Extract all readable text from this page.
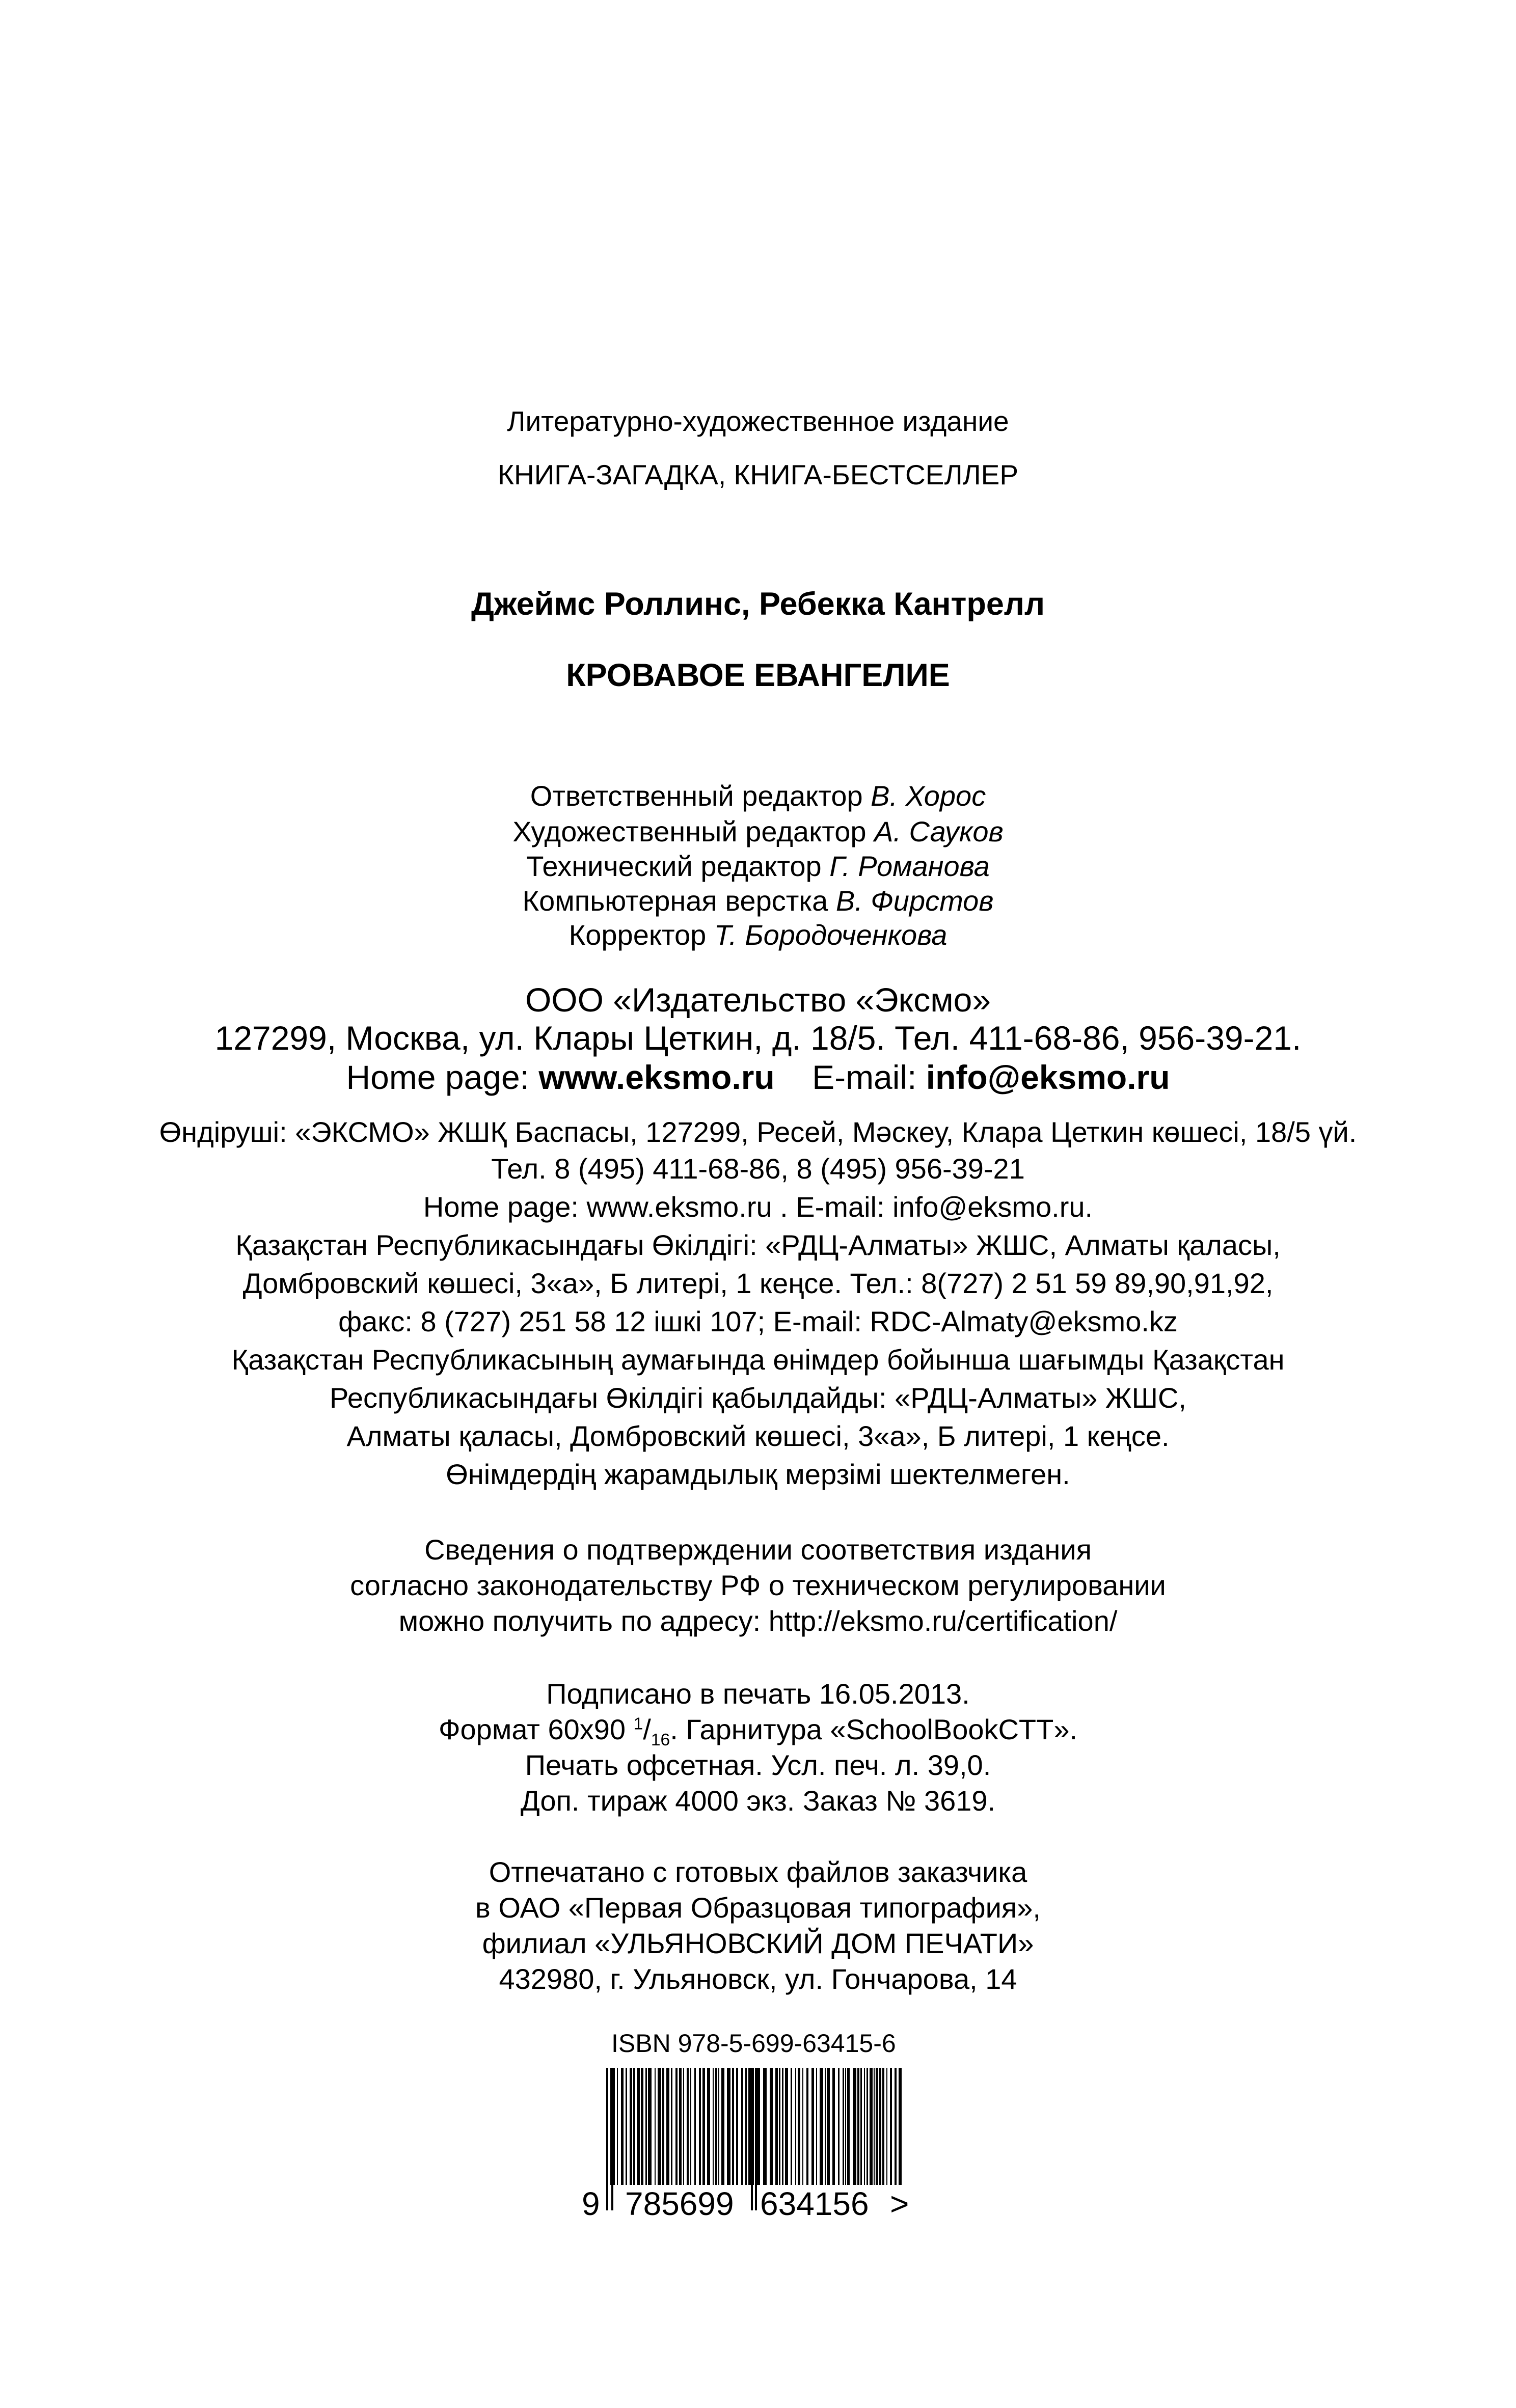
Литературно-художественное издание
КНИГА-ЗАГАДКА, КНИГА-БЕСТСЕЛЛЕР
Джеймс Роллинс, Ребекка Кантрелл
КРОВАВОЕ ЕВАНГЕЛИЕ
Ответственный редактор В. Хорос
Художественный редактор А. Сауков
Технический редактор Г. Романова
Компьютерная верстка В. Фирстов
Корректор Т. Бородоченкова
ООО «Издательство «Эксмо»
127299, Москва, ул. Клары Цеткин, д. 18/5. Тел. 411-68-86, 956-39-21.
Home page: www.eksmo.ru E-mail: info@eksmo.ru
Өндіруші: «ЭКСМО» ЖШҚ Баспасы, 127299, Ресей, Мәскеу, Клара Цеткин көшесі, 18/5 үй.
Тел. 8 (495) 411-68-86, 8 (495) 956-39-21
Home page: www.eksmo.ru . E-mail: info@eksmo.ru.
Қазақстан Республикасындағы Өкілдігі: «РДЦ-Алматы» ЖШС, Алматы қаласы,
Домбровский көшесі, 3«а», Б литері, 1 кеңсе. Тел.: 8(727) 2 51 59 89,90,91,92,
факс: 8 (727) 251 58 12 ішкі 107; E-mail: RDC-Almaty@eksmo.kz
Қазақстан Республикасының аумағында өнімдер бойынша шағымды Қазақстан
Республикасындағы Өкілдігі қабылдайды: «РДЦ-Алматы» ЖШС,
Алматы қаласы, Домбровский көшесі, 3«а», Б литері, 1 кеңсе.
Өнімдердің жарамдылық мерзімі шектелмеген.
Сведения о подтверждении соответствия издания
согласно законодательству РФ о техническом регулировании
можно получить по адресу: http://eksmo.ru/certification/
Подписано в печать 16.05.2013.
Формат 60х90 $^1/_{16}$. Гарнитура «SchoolBookCTT».
Печать офсетная. Усл. печ. л. 39,0.
Доп. тираж 4000 экз. Заказ № 3619.
Отпечатано с готовых файлов заказчика
в ОАО «Первая Образцовая типография»,
филиал «УЛЬЯНОВСКИЙ ДОМ ПЕЧАТИ»
432980, г. Ульяновск, ул. Гончарова, 14
ISBN 978-5-699-63415-6
9 785699 634156 >
